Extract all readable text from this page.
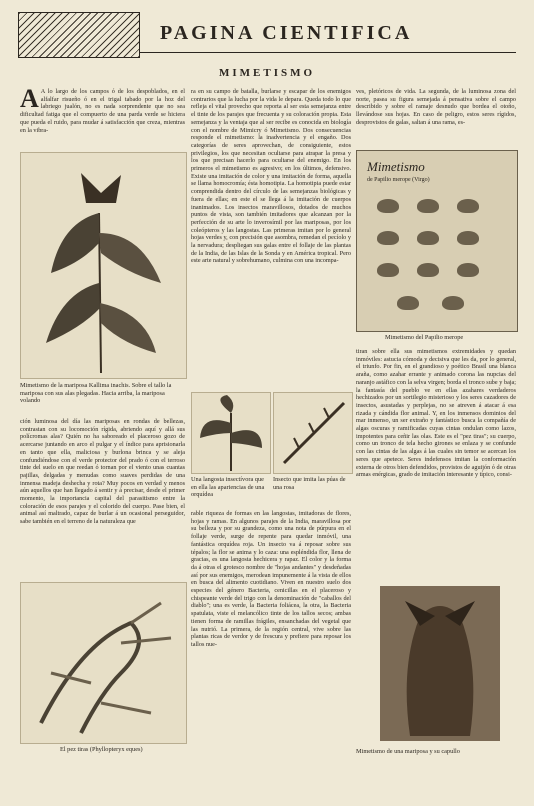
PAGINA CIENTIFICA
MIMETISMO
A A lo largo de los campos ó de los despoblados, en el alfalfar risueño ó en el trigal tabado por la hoz del labriego jualón, no es nada sorprendente que no sea dificultad fatiga que el compuerto de una parda verde se hiciera que pueda el ruido, para mudar á satisfacción que creza, mientras en la vibra-
Mimetismo de la mariposa Kallima inachis. Sobre el tallo la mariposa con sus alas plegadas. Hacia arriba, la mariposa volando
ción luminosa del día las mariposas en rondas de bellezas, contrastan con su locomoción rígida, abriendo aquí y allá sus polícromas alas? Quién no ha saboreado el placeroso gozo de acercarse juntando en arco el pulgar y el índice para aprisionarla en tanto que ella, maliciosa y burlona brinca y se aleja confundiéndose con el verde protector del prado ó con el terroso tinte del suelo en que reedan ó tornan por el viento unas cuantas pajillas, delgadas y menudas como suaves perdidas de una inmensa madeja deshecha y rota? Muy pocos en verdad y menos aún aquellos que han llegado á sentir y á precisar, desde el primer momento, la importancia capital del parasitismo entre la coloración de esos parajes y el colorido del cuerpo. Pase bien, el animal así maltrado, capaz de burlar á un ocasional perseguidor, sabe también en el terreno de la naturaleza que
El pez tiras (Phyllopteryx eques)
ra en su campo de batalla, burlarse y escapar de los enemigos contrarios que la lucha por la vida le depara. Queda todo lo que refleja el vital provecho que reporta al ser esta semejanza entre el tinte de los parajes que frecuenta y su coloración propia. Esta semejanza y la ventaja que al ser recibe es conocida en biología con el nombre de Mimicry ó Mimetismo. Dos consecuencias responde el mimetismo: la inadvertencia y el engaño. Dos categorías de seres aprovechan, de consiguiente, estos privilegios, los que necesitan ocultarse para atrapar la presa y los que precisan hacerlo para ocultarse del enemigo. En los primeros el mimetismo es agresivo; en los últimos, defensivo. Existe una imitación de color y una imitación de forma, aquella se llama homocromía; ésta homotipia. La homotipia puede estar comprendida dentro del círculo de las semejanzas biológicas y fuera de ellas; en este el se llega á la imitación de cuerpos inanimados. Los insectos maravillosos, dotados de muchos puntos de vista, son también imitadores que alcanzan por la perfección de su arte lo inverosímil por las mariposas, por los coleópteros y las langostas. Las primeras imitan por lo general hojas verdes y, con precisión que asombra, remedan el pecíolo y la nervadura; despliegan sus galas entre el follaje de las plantas de la India, de las Islas de la Sonda y en América tropical. Pero este arte natural y sobrehumano, culmina con una incompa-
Una langosta insectívora que en ella las apariencias de una orquídea
Insecto que imita las púas de una rosa
rable riqueza de formas en las langostas, imitadoras de flores, hojas y ramas. En algunos parajes de la India, maravillosa por su belleza y por su grandeza, como una nota de púrpura en el follaje verde, surge de repente para quedar inmóvil, una fantástica orquídea roja. Un insecto va á reposar sobre sus tépalos; la flor se anima y lo caza: una espléndida flor, llena de gracias, es una langosta hechicera y rapaz. El color y la forma da á otras el grotesco nombre de "hojas andantes" y desdeñadas así por sus enemigos, merodean impunemente á la vista de ellos en busca del alimento cuotidiano. Viven en nuestro suelo dos especies del género Bacteria, cenicillas en el placeroso y chispeante verde del trigo con la denominación de "caballos del diablo"; una es verde, la Bacteria foliácea, la otra, la Bacteria spatulata, viste el melancólico tinte de los tallos secos; ambas tienen forma de ramillas frágiles, ensanchadas del vegetal que las nutrió. La primera, de la región central, vive sobre las plantas ricas de verdor y de frescura y prefiere para reposar los tallos nue-
ves, pletóricos de vida. La segunda, de la luminosa zona del norte, pasea su figura semejada á pensativa sobre el campo describido y sobre el ramaje desnudo que bordea el otoño, llevándose sus hojas. En caso de peligro, estos seres rígidos, desprovistos de galas, saltan á una rama, es-
Mimetismo
de Papilio merope (Virgo)
Mimetismo del Papilio merope
tiran sobre ella sus mimetismos extremidades y quedan inmóviles: astucia cómoda y decisiva que les da, por lo general, el triunfo. Por fin, en el grandioso y poético Brasil una blanca araña, como azahar errante y animado corona las nupcias del naranjo astáfico con la selva virgen; borda el tronco sube y baja; la fantasía del pueblo ve en ellas azahares verdaderos hechizados por un sortilegio misterioso y los seres cazadores de insectos, asustadas y perplejas, no se atreven á atacar á esa rizada y cándida flor animal. Y, en los inmensos dominios del mar inmenso, un ser extraño y fantástico busca la compañía de algas oscuras y ramificadas cuyas cintas ondulan como lazos, impotentes para ceñir las olas. Este es el "pez tiras"; su cuerpo, como un tronco de tela hecho girones se enlaza y se confunde con las cintas de las algas á las cuales sin temor se acercan los seres que apetece. Seres indefensos imitan la conformación externa de otros bien defendidos, provistos de aguijón ó de otras armas enérgicas, grado de imitación interesante y típico, consi-
Mimetismo de una mariposa y su capullo
